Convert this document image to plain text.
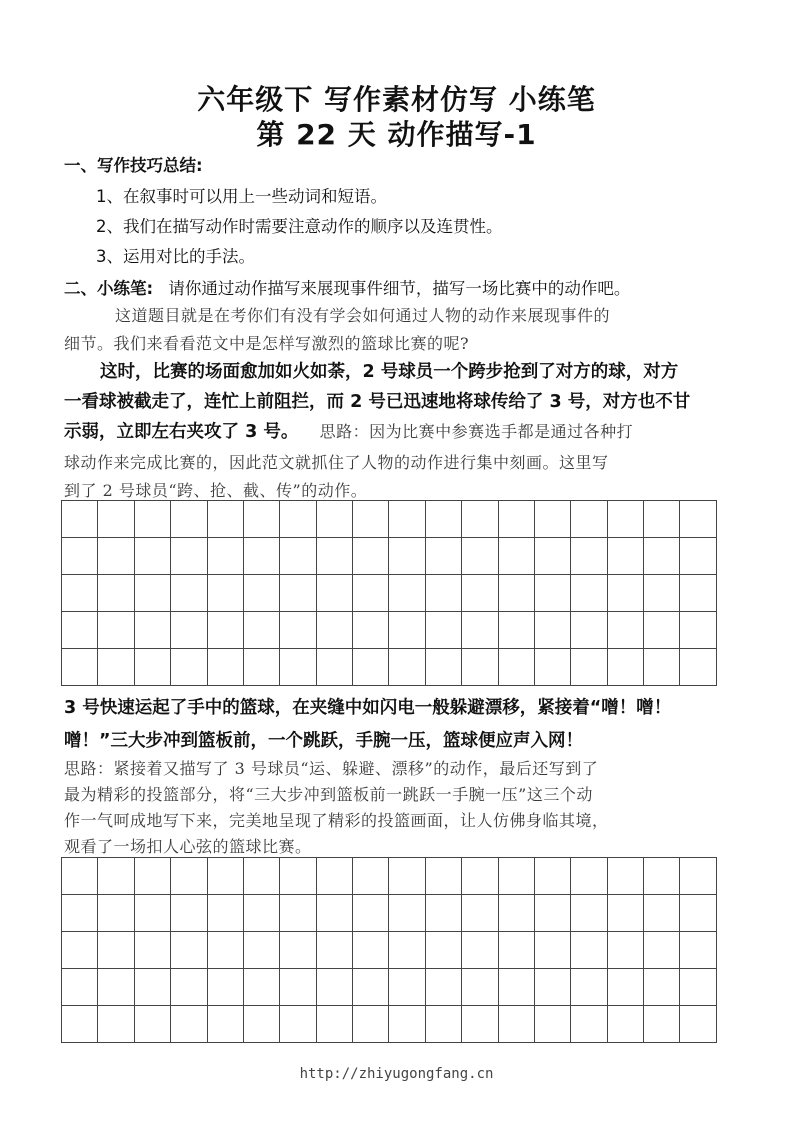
六年级下 写作素材仿写 小练笔
第 22 天 动作描写-1
一、写作技巧总结:
1、在叙事时可以用上一些动词和短语。
2、我们在描写动作时需要注意动作的顺序以及连贯性。
3、运用对比的手法。
二、小练笔: 请你通过动作描写来展现事件细节，描写一场比赛中的动作吧。
这道题目就是在考你们有没有学会如何通过人物的动作来展现事件的
细节。我们来看看范文中是怎样写激烈的篮球比赛的呢?
这时，比赛的场面愈加如火如荼，2 号球员一个跨步抢到了对方的球，对方
一看球被截走了，连忙上前阻拦，而 2 号已迅速地将球传给了 3 号，对方也不甘
示弱，立即左右夹攻了 3 号。 思路：因为比赛中参赛选手都是通过各种打
球动作来完成比赛的，因此范文就抓住了人物的动作进行集中刻画。这里写
到了 2 号球员“跨、抢、截、传”的动作。

3 号快速运起了手中的篮球，在夹缝中如闪电一般躲避漂移，紧接着“噌！噌！
噌！”三大步冲到篮板前，一个跳跃，手腕一压，篮球便应声入网！
思路：紧接着又描写了 3 号球员“运、躲避、漂移”的动作，最后还写到了
最为精彩的投篮部分，将“三大步冲到篮板前一跳跃一手腕一压”这三个动
作一气呵成地写下来，完美地呈现了精彩的投篮画面，让人仿佛身临其境，
观看了一场扣人心弦的篮球比赛。

http://zhiyugongfang.cn
